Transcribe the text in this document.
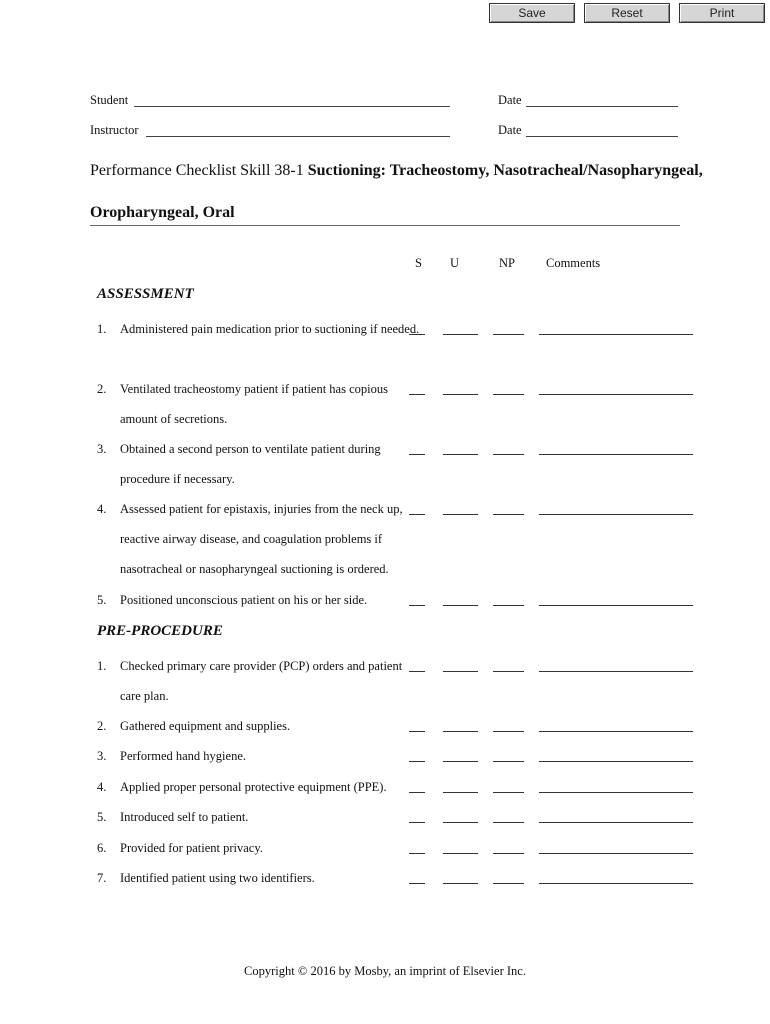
Save	Reset	Print
Student	Date
Instructor	Date
Performance Checklist Skill 38-1 Suctioning: Tracheostomy, Nasotracheal/Nasopharyngeal, Oropharyngeal, Oral
S U	NP Comments
ASSESSMENT
1.	Administered pain medication prior to suctioning if needed.
2.	Ventilated tracheostomy patient if patient has copious amount of secretions.
3.	Obtained a second person to ventilate patient during procedure if necessary.
4.	Assessed patient for epistaxis, injuries from the neck up, reactive airway disease, and coagulation problems if nasotracheal or nasopharyngeal suctioning is ordered.
5.	Positioned unconscious patient on his or her side.
PRE-PROCEDURE
1.	Checked primary care provider (PCP) orders and patient care plan.
2.	Gathered equipment and supplies.
3.	Performed hand hygiene.
4.	Applied proper personal protective equipment (PPE).
5.	Introduced self to patient.
6.	Provided for patient privacy.
7.	Identified patient using two identifiers.
Copyright © 2016 by Mosby, an imprint of Elsevier Inc.
